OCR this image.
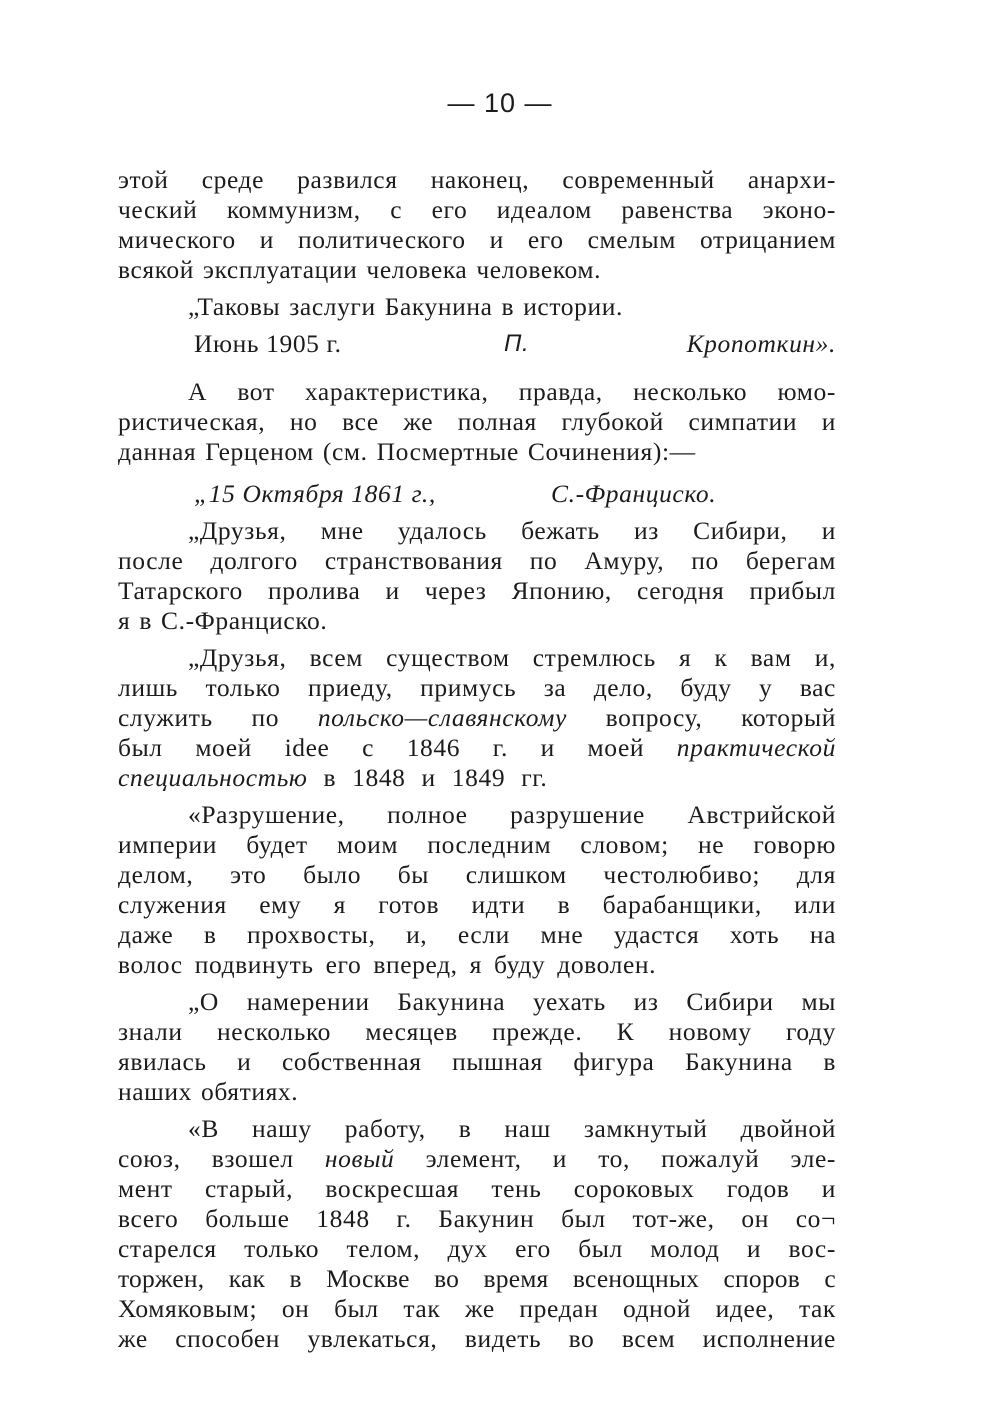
— 10 —
этой среде развился наконец, современный анархи-
ческий коммунизм, с его идеалом равенства эконо-
мического и политического и его смелым отрицанием
всякой эксплуатации человека человеком.
„Таковы заслуги Бакунина в истории.
Июнь 1905 г.	П.	Кропоткин».
А вот характеристика, правда, несколько юмо-
ристическая, но все же полная глубокой симпатии и
данная Герценом (см. Посмертные Сочинения):—
„15 Октября 1861 г.,	С.-Франциско.
„Друзья, мне удалось бежать из Сибири, и
после долгого странствования по Амуру, по берегам
Татарского пролива и через Японию, сегодня прибыл
я в С.-Франциско.
„Друзья, всем существом стремлюсь я к вам и,
лишь только приеду, примусь за дело, буду у вас
служить по польско—славянскому вопросу, который
был моей idee с 1846 г. и моей практической
специальностью в 1848 и 1849 гг.
«Разрушение, полное разрушение Австрийской
империи будет моим последним словом; не говорю
делом, это было бы слишком честолюбиво; для
служения ему я готов идти в барабанщики, или
даже в прохвосты, и, если мне удастся хоть на
волос подвинуть его вперед, я буду доволен.
„О намерении Бакунина уехать из Сибири мы
знали несколько месяцев прежде. К новому году
явилась и собственная пышная фигура Бакунина в
наших обятиях.
«В нашу работу, в наш замкнутый двойной
союз, взошел новый элемент, и то, пожалуй эле-
мент старый, воскресшая тень сороковых годов и
всего больше 1848 г. Бакунин был тот-же, он со¬
старелся только телом, дух его был молод и вос-
торжен, как в Москве во время всенощных споров с
Хомяковым; он был так же предан одной идее, так
же способен увлекаться, видеть во всем исполнение
